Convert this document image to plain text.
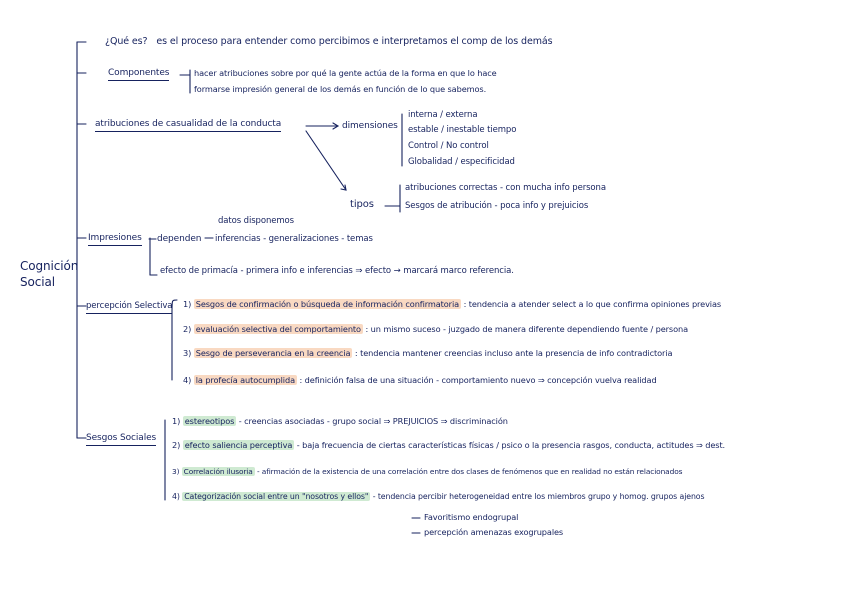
Cognición
Social
¿Qué es? es el proceso para entender como percibimos e interpretamos el comp de los demás
Componentes	hacer atribuciones sobre por qué la gente actúa de la forma en que lo hace
formarse impresión general de los demás en función de lo que sabemos.
atribuciones de casualidad de la conducta	dimensiones
interna / externa
estable / inestable tiempo
Control / No control
Globalidad / especificidad
tipos
atribuciones correctas - con mucha info persona
Sesgos de atribución - poca info y prejuicios
Impresiones dependen
datos disponemos
inferencias - generalizaciones - temas
efecto de primacía - primera info e inferencias ⇒ efecto → marcará marco referencia.
percepción Selectiva 1) Sesgos de confirmación o búsqueda de información confirmatoria : tendencia a atender select a lo que confirma opiniones previas
2) evaluación selectiva del comportamiento : un mismo suceso - juzgado de manera diferente dependiendo fuente / persona
3) Sesgo de perseverancia en la creencia : tendencia mantener creencias incluso ante la presencia de info contradictoria
4) la profecía autocumplida : definición falsa de una situación - comportamiento nuevo ⇒ concepción vuelva realidad
Sesgos Sociales
1) estereotipos - creencias asociadas - grupo social ⇒ PREJUICIOS ⇒ discriminación
2) efecto saliencia perceptiva - baja frecuencia de ciertas características físicas / psico o la presencia rasgos, conducta, actitudes ⇒ dest.
3) Correlación ilusoria - afirmación de la existencia de una correlación entre dos clases de fenómenos que en realidad no están relacionados
4) Categorización social entre un "nosotros y ellos" - tendencia percibir heterogeneidad entre los miembros grupo y homog. grupos ajenos
Favoritismo endogrupal
percepción amenazas exogrupales
